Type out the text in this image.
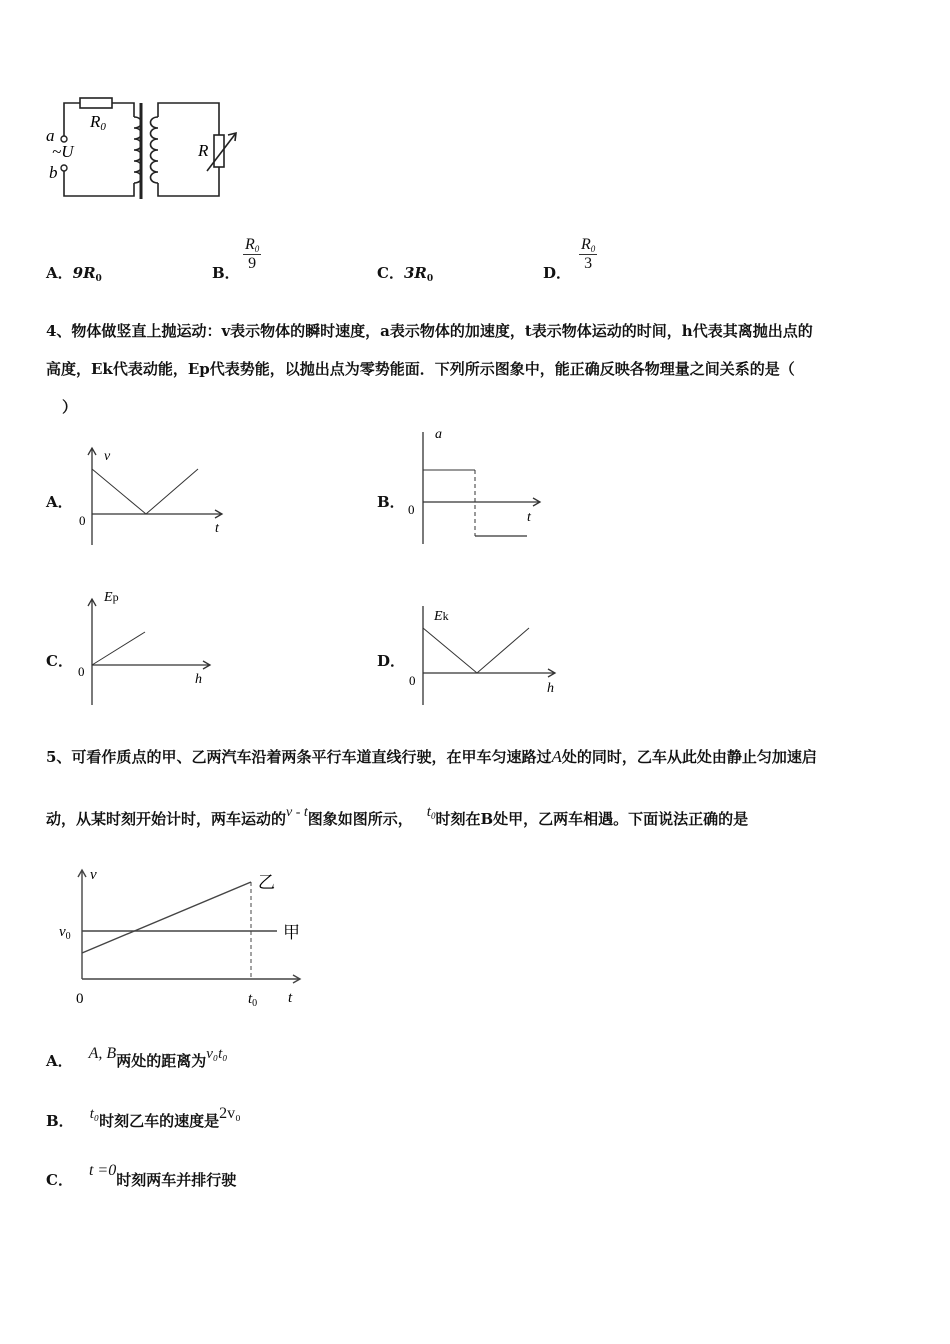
a
b
~U
R0
R
A．$9R_0$	B．
$R_0$
9
C．$3R_0$	D．
$R_0$
3
4、物体做竖直上抛运动：v表示物体的瞬时速度，a表示物体的加速度，t表示物体运动的时间，h代表其离抛出点的
高度，Ek代表动能，Ep代表势能，以抛出点为零势能面．下列所示图象中，能正确反映各物理量之间关系的是（
）
A．	B．
C．	D．
v
t
0
a
t
0
Ep
h
0
Ek
h
0
5、可看作质点的甲、乙两汽车沿着两条平行车道直线行驶，在甲车匀速路过A处的同时，乙车从此处由静止匀加速启
动，从某时刻开始计时，两车运动的v - t图象如图所示， $t_0$时刻在B处甲，乙两车相遇。下面说法正确的是
v
t
0
$v_0$
$t_0$
乙
甲
A． A, B两处的距离为v₀t₀
B． t₀时刻乙车的速度是2v₀
C．t =0时刻两车并排行驶
